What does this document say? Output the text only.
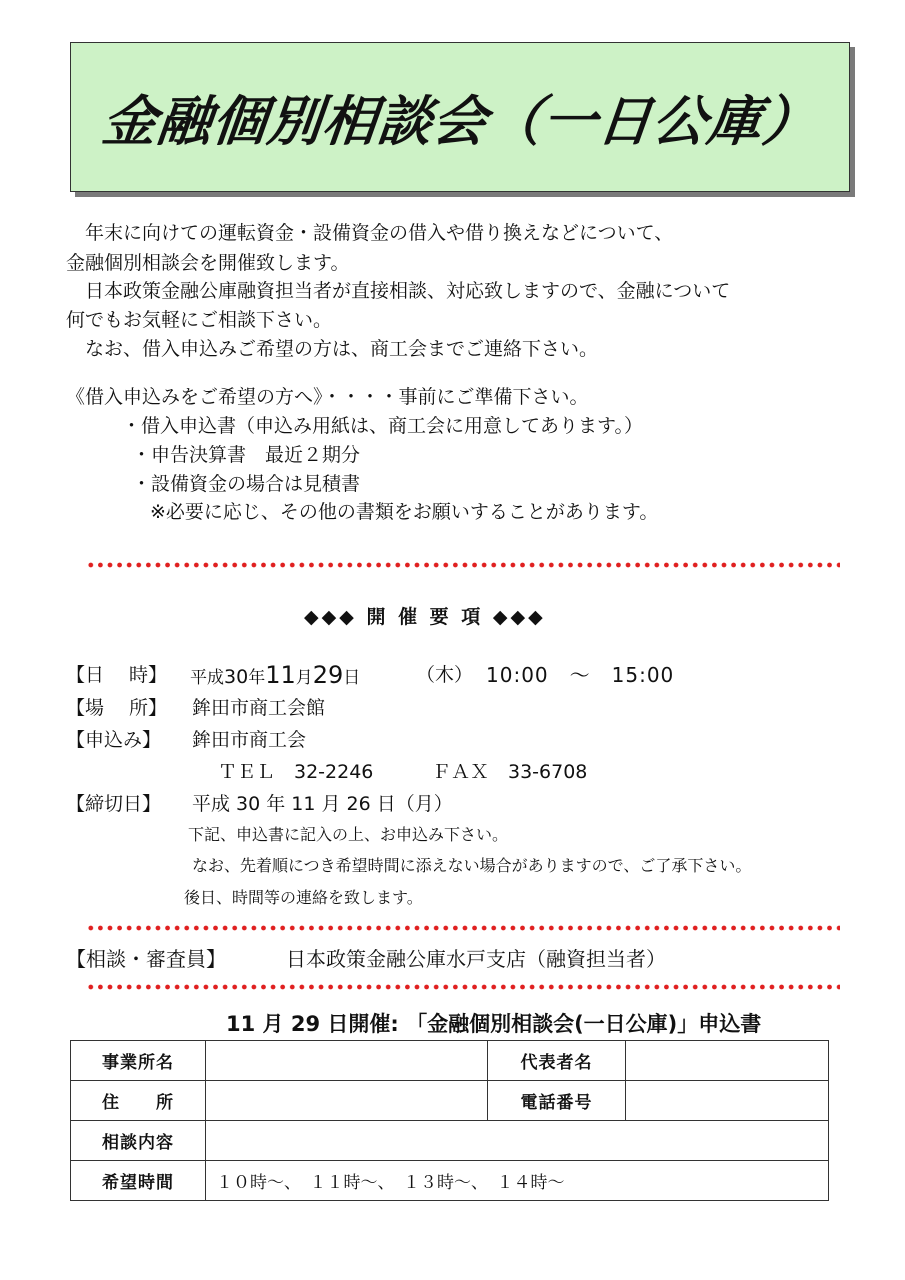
金融個別相談会（一日公庫）
　年末に向けての運転資金・設備資金の借入や借り換えなどについて、
金融個別相談会を開催致します。
　日本政策金融公庫融資担当者が直接相談、対応致しますので、金融について
何でもお気軽にご相談下さい。
　なお、借入申込みご希望の方は、商工会までご連絡下さい。
《借入申込みをご希望の方へ》・・・・事前にご準備下さい。
・借入申込書（申込み用紙は、商工会に用意してあります。）
・申告決算書　最近２期分
・設備資金の場合は見積書
※必要に応じ、その他の書類をお願いすることがあります。
◆◆◆ 開 催 要 項 ◆◆◆
【日　 時】 平成30年11月29日	（木） 10:00　～　15:00
【場　 所】 鉾田市商工会館
【申込み】 鉾田市商工会
ＴＥＬ　32-2246	ＦＡＸ　33-6708
【締切日】 平成 30 年 11 月 26 日（月）
下記、申込書に記入の上、お申込み下さい。
なお、先着順につき希望時間に添えない場合がありますので、ご了承下さい。
後日、時間等の連絡を致します。
【相談・審査員】	日本政策金融公庫水戸支店（融資担当者）
11 月 29 日開催: 「金融個別相談会(一日公庫)」申込書
事業所名		代表者名	
住　　所		電話番号	
相談内容			
希望時間	１０時～、　１１時～、　１３時～、　１４時～		
